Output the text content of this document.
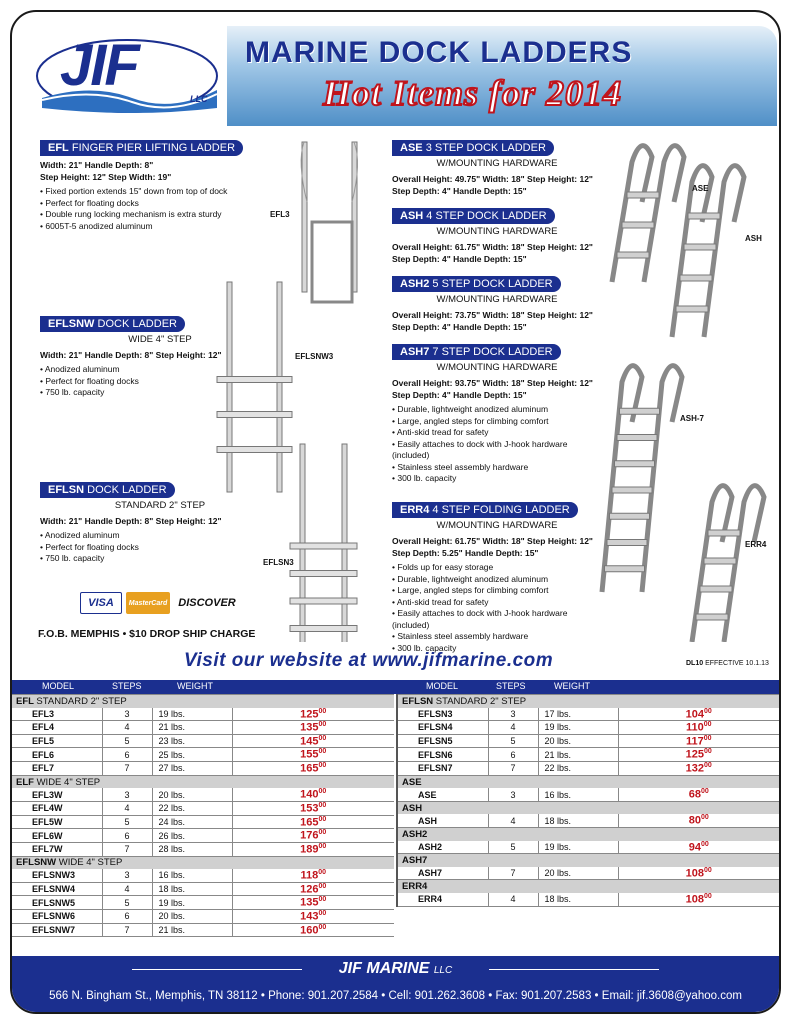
JIF
LLC
MARINE DOCK LADDERS
Hot Items for 2014
VISA	MasterCard	DISCOVER
F.O.B. MEMPHIS • $10 DROP SHIP CHARGE
Visit our website at www.jifmarine.com	DL10 EFFECTIVE 10.1.13
MODEL	STEPS	WEIGHT	MODEL	STEPS	WEIGHT
EFL STANDARD 2" STEP			
EFL3	3	19 lbs.	$125^{00}$
EFL4	4	21 lbs.	$135^{00}$
EFL5	5	23 lbs.	$145^{00}$
EFL6	6	25 lbs.	$155^{00}$
EFL7	7	27 lbs.	$165^{00}$
ELF WIDE 4" STEP			
EFL3W	3	20 lbs.	$140^{00}$
EFL4W	4	22 lbs.	$153^{00}$
EFL5W	5	24 lbs.	$165^{00}$
EFL6W	6	26 lbs.	$176^{00}$
EFL7W	7	28 lbs.	$189^{00}$
EFLSNW WIDE 4" STEP			
EFLSNW3	3	16 lbs.	$118^{00}$
EFLSNW4	4	18 lbs.	$126^{00}$
EFLSNW5	5	19 lbs.	$135^{00}$
EFLSNW6	6	20 lbs.	$143^{00}$
EFLSNW7	7	21 lbs.	$160^{00}$
EFLSN STANDARD 2" STEP			
EFLSN3	3	17 lbs.	$104^{00}$
EFLSN4	4	19 lbs.	$110^{00}$
EFLSN5	5	20 lbs.	$117^{00}$
EFLSN6	6	21 lbs.	$125^{00}$
EFLSN7	7	22 lbs.	$132^{00}$
ASE			
ASE	3	16 lbs.	$68^{00}$
ASH			
ASH	4	18 lbs.	$80^{00}$
ASH2			
ASH2	5	19 lbs.	$94^{00}$
ASH7			
ASH7	7	20 lbs.	$108^{00}$
ERR4			
ERR4	4	18 lbs.	$108^{00}$
JIF MARINE LLC
566 N. Bingham St., Memphis, TN 38112 • Phone: 901.207.2584 • Cell: 901.262.3608 • Fax: 901.207.2583 • Email: jif.3608@yahoo.com
EFL FINGER PIER LIFTING LADDER
Width: 21" Handle Depth: 8"
Step Height: 12" Step Width: 19"
• Fixed portion extends 15" down from top of dock
• Perfect for floating docks
• Double rung locking mechanism is extra sturdy
• 6005T-5 anodized aluminum
EFLSNW DOCK LADDER
WIDE 4" STEP
Width: 21" Handle Depth: 8" Step Height: 12"
• Anodized aluminum
• Perfect for floating docks
• 750 lb. capacity
EFLSN DOCK LADDER
STANDARD 2" STEP
Width: 21" Handle Depth: 8" Step Height: 12"
• Anodized aluminum
• Perfect for floating docks
• 750 lb. capacity
ASE 3 STEP DOCK LADDER
W/MOUNTING HARDWARE
Overall Height: 49.75" Width: 18" Step Height: 12"
Step Depth: 4" Handle Depth: 15"
ASH 4 STEP DOCK LADDER
W/MOUNTING HARDWARE
Overall Height: 61.75" Width: 18" Step Height: 12"
Step Depth: 4" Handle Depth: 15"
ASH2 5 STEP DOCK LADDER
W/MOUNTING HARDWARE
Overall Height: 73.75" Width: 18" Step Height: 12"
Step Depth: 4" Handle Depth: 15"
ASH7 7 STEP DOCK LADDER
W/MOUNTING HARDWARE
Overall Height: 93.75" Width: 18" Step Height: 12"
Step Depth: 4" Handle Depth: 15"
• Durable, lightweight anodized aluminum
• Large, angled steps for climbing comfort
• Anti-skid tread for safety
• Easily attaches to dock with J-hook hardware (included)
• Stainless steel assembly hardware
• 300 lb. capacity
ERR4 4 STEP FOLDING LADDER
W/MOUNTING HARDWARE
Overall Height: 61.75" Width: 18" Step Height: 12"
Step Depth: 5.25" Handle Depth: 15"
• Folds up for easy storage
• Durable, lightweight anodized aluminum
• Large, angled steps for climbing comfort
• Anti-skid tread for safety
• Easily attaches to dock with J-hook hardware (included)
• Stainless steel assembly hardware
• 300 lb. capacity
EFL3
EFLSNW3
EFLSN3
ASE
ASH
ASH-7
ERR4
